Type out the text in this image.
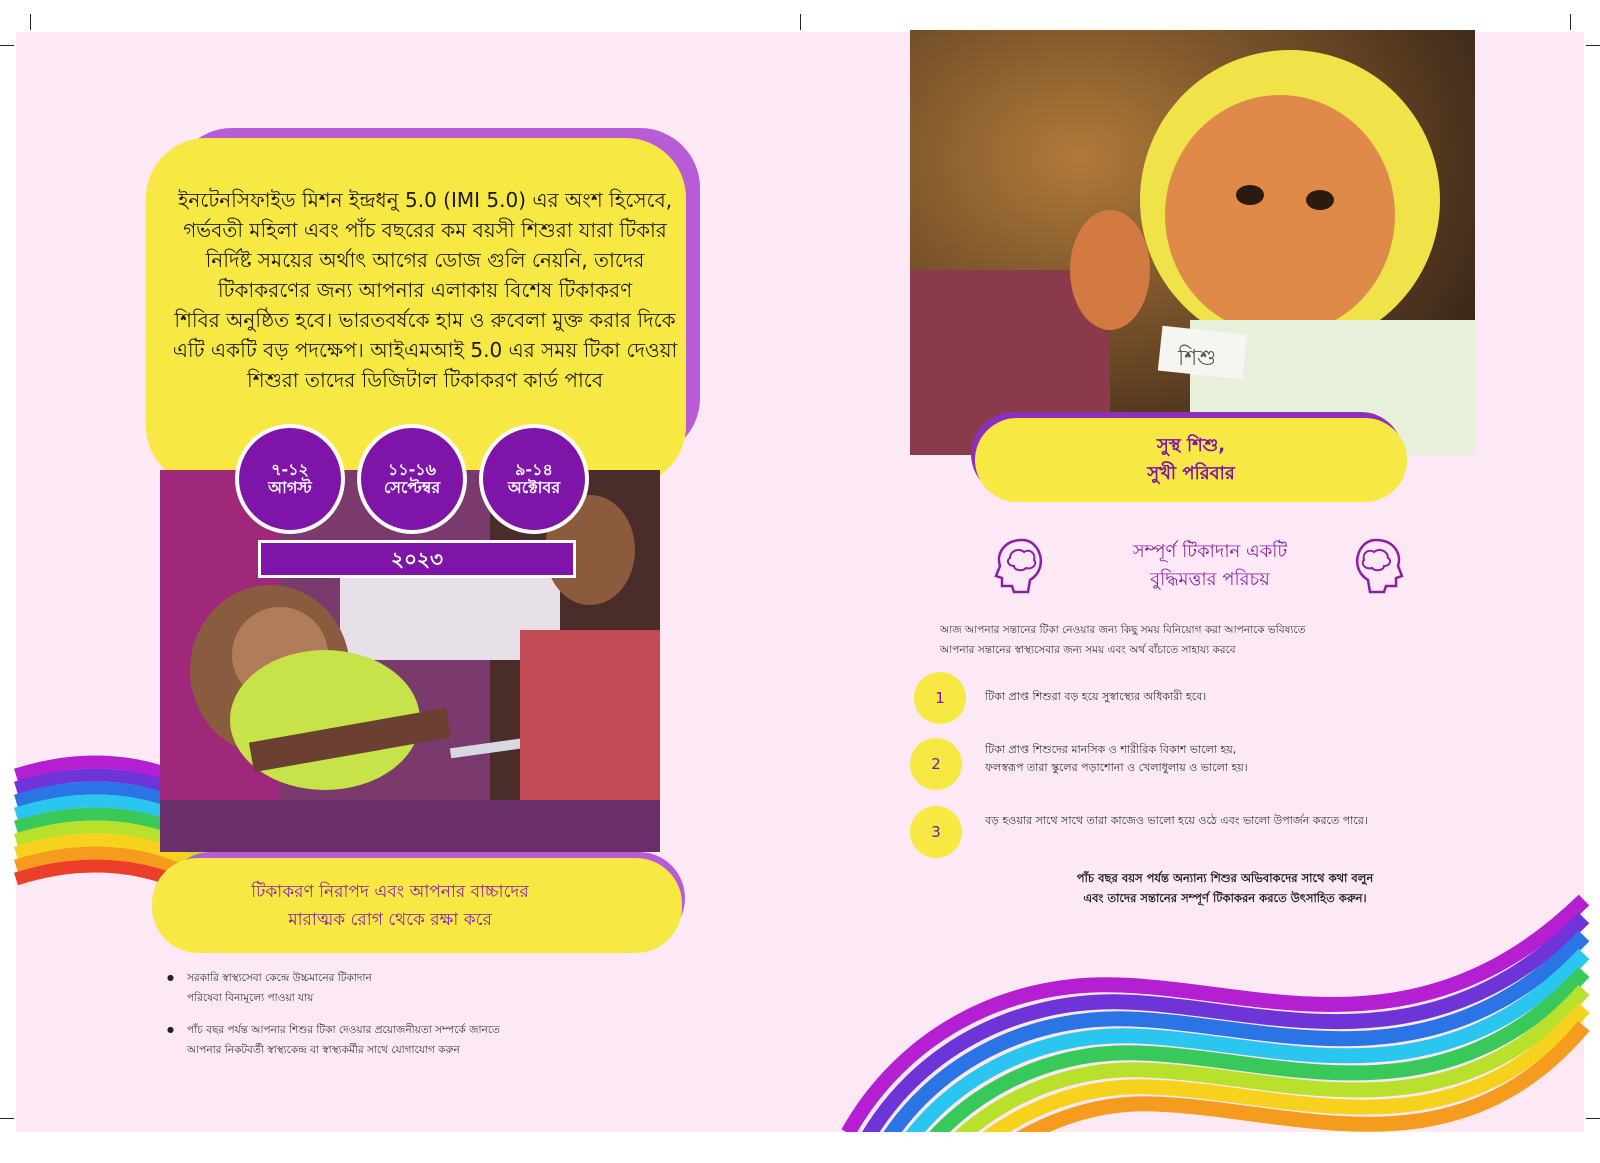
ইনটেনসিফাইড মিশন ইন্দ্রধনু 5.0 (IMI 5.0) এর অংশ হিসেবে,
গর্ভবতী মহিলা এবং পাঁচ বছরের কম বয়সী শিশুরা যারা টিকার
নির্দিষ্ট সময়ের অর্থাৎ আগের ডোজ গুলি নেয়নি, তাদের
টিকাকরণের জন্য আপনার এলাকায় বিশেষ টিকাকরণ
শিবির অনুষ্ঠিত হবে। ভারতবর্ষকে হাম ও রুবেলা মুক্ত করার দিকে
এটি একটি বড় পদক্ষেপ। আইএমআই 5.0 এর সময় টিকা দেওয়া
শিশুরা তাদের ডিজিটাল টিকাকরণ কার্ড পাবে
৭-১২
আগস্ট
১১-১৬
সেপ্টেম্বর
৯-১৪
অক্টোবর
২০২৩
টিকাকরণ নিরাপদ এবং আপনার বাচ্চাদের
মারাত্মক রোগ থেকে রক্ষা করে
● সরকারি স্বাস্থ্যসেবা কেন্দ্রে উচ্চমানের টিকাদান
পরিষেবা বিনামূল্যে পাওয়া যায়
● পাঁচ বছর পর্যন্ত আপনার শিশুর টিকা দেওয়ার প্রয়োজনীয়তা সম্পর্কে জানতে
আপনার নিকটবর্তী স্বাস্থ্যকেন্দ্র বা স্বাস্থ্যকর্মীর সাথে যোগাযোগ করুন
শিশু
সুস্থ শিশু,
সুখী পরিবার
সম্পূর্ণ টিকাদান একটি
বুদ্ধিমত্তার পরিচয়
আজ আপনার সন্তানের টিকা নেওয়ার জন্য কিছু সময় বিনিয়োগ করা আপনাকে ভবিষ্যতে
আপনার সন্তানের স্বাস্থ্যসেবার জন্য সময় এবং অর্থ বাঁচাতে সাহায্য করবে
1	টিকা প্রাপ্ত শিশুরা বড় হয়ে সুস্বাস্থ্যের অধিকারী হবে।
2
টিকা প্রাপ্ত শিশুদের মানসিক ও শারীরিক বিকাশ ভালো হয়,
ফলস্বরূপ তারা স্কুলের পড়াশোনা ও খেলাধুলায় ও ভালো হয়।
3
বড় হওয়ার সাথে সাথে তারা কাজেও ভালো হয়ে ওঠে এবং ভালো উপার্জন করতে পারে।
পাঁচ বছর বয়স পর্যন্ত অন্যান্য শিশুর অভিবাকদের সাথে কথা বলুন
এবং তাদের সন্তানের সম্পূর্ণ টিকাকরন করতে উৎসাহিত করুন।
